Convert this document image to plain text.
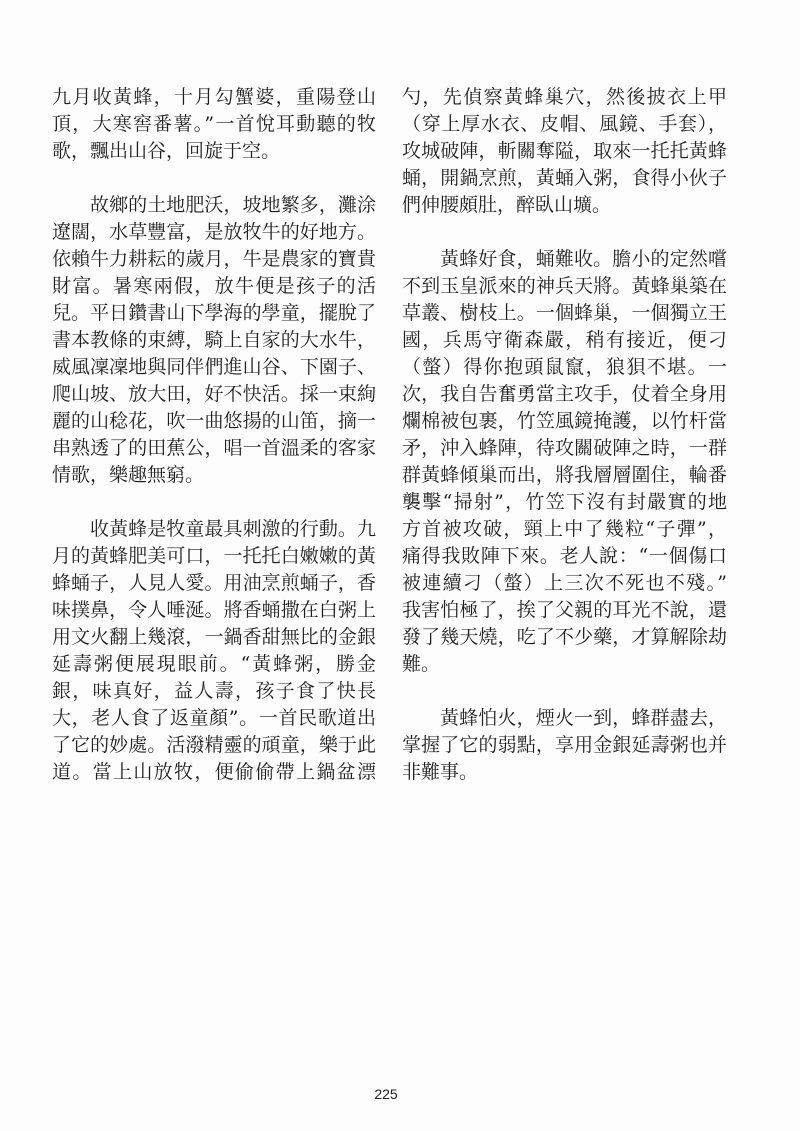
九月收黃蜂，十月勾蟹婆，重陽登山
頂，大寒窖番薯。”一首悅耳動聽的牧
歌，飄出山谷，回旋于空。
故鄉的土地肥沃，坡地繁多，灘涂
遼闊，水草豐富，是放牧牛的好地方。
依賴牛力耕耘的歲月，牛是農家的寶貴
財富。暑寒兩假，放牛便是孩子的活
兒。平日鑽書山下學海的學童，擺脫了
書本教條的束縛，騎上自家的大水牛，
威風凜凜地與同伴們進山谷、下園子、
爬山坡、放大田，好不快活。採一束絢
麗的山稔花，吹一曲悠揚的山笛，摘一
串熟透了的田蕉公，唱一首溫柔的客家
情歌，樂趣無窮。
收黃蜂是牧童最具刺激的行動。九
月的黃蜂肥美可口，一托托白嫩嫩的黃
蜂蛹子，人見人愛。用油烹煎蛹子，香
味撲鼻，令人唾涎。將香蛹撒在白粥上
用文火翻上幾滾，一鍋香甜無比的金銀
延壽粥便展現眼前。“黃蜂粥，勝金
銀，味真好，益人壽，孩子食了快長
大，老人食了返童顏”。一首民歌道出
了它的妙處。活潑精靈的頑童，樂于此
道。當上山放牧，便偷偷帶上鍋盆漂
勺，先偵察黃蜂巢穴，然後披衣上甲
（穿上厚水衣、皮帽、風鏡、手套），
攻城破陣，斬關奪隘，取來一托托黃蜂
蛹，開鍋烹煎，黃蛹入粥，食得小伙子
們伸腰頗肚，醉臥山壙。
黃蜂好食，蛹難收。膽小的定然嚐
不到玉皇派來的神兵天將。黃蜂巢築在
草叢、樹枝上。一個蜂巢，一個獨立王
國，兵馬守衛森嚴，稍有接近，便刁
（螫）得你抱頭鼠竄，狼狽不堪。一
次，我自告奮勇當主攻手，仗着全身用
爛棉被包裹，竹笠風鏡掩護，以竹杆當
矛，沖入蜂陣，待攻關破陣之時，一群
群黃蜂傾巢而出，將我層層圍住，輪番
襲擊“掃射”，竹笠下沒有封嚴實的地
方首被攻破，頸上中了幾粒“子彈”，
痛得我敗陣下來。老人說：“一個傷口
被連續刁（螫）上三次不死也不殘。”
我害怕極了，挨了父親的耳光不說，還
發了幾天燒，吃了不少藥，才算解除劫
難。
黃蜂怕火，煙火一到，蜂群盡去，
掌握了它的弱點，享用金銀延壽粥也并
非難事。
225
